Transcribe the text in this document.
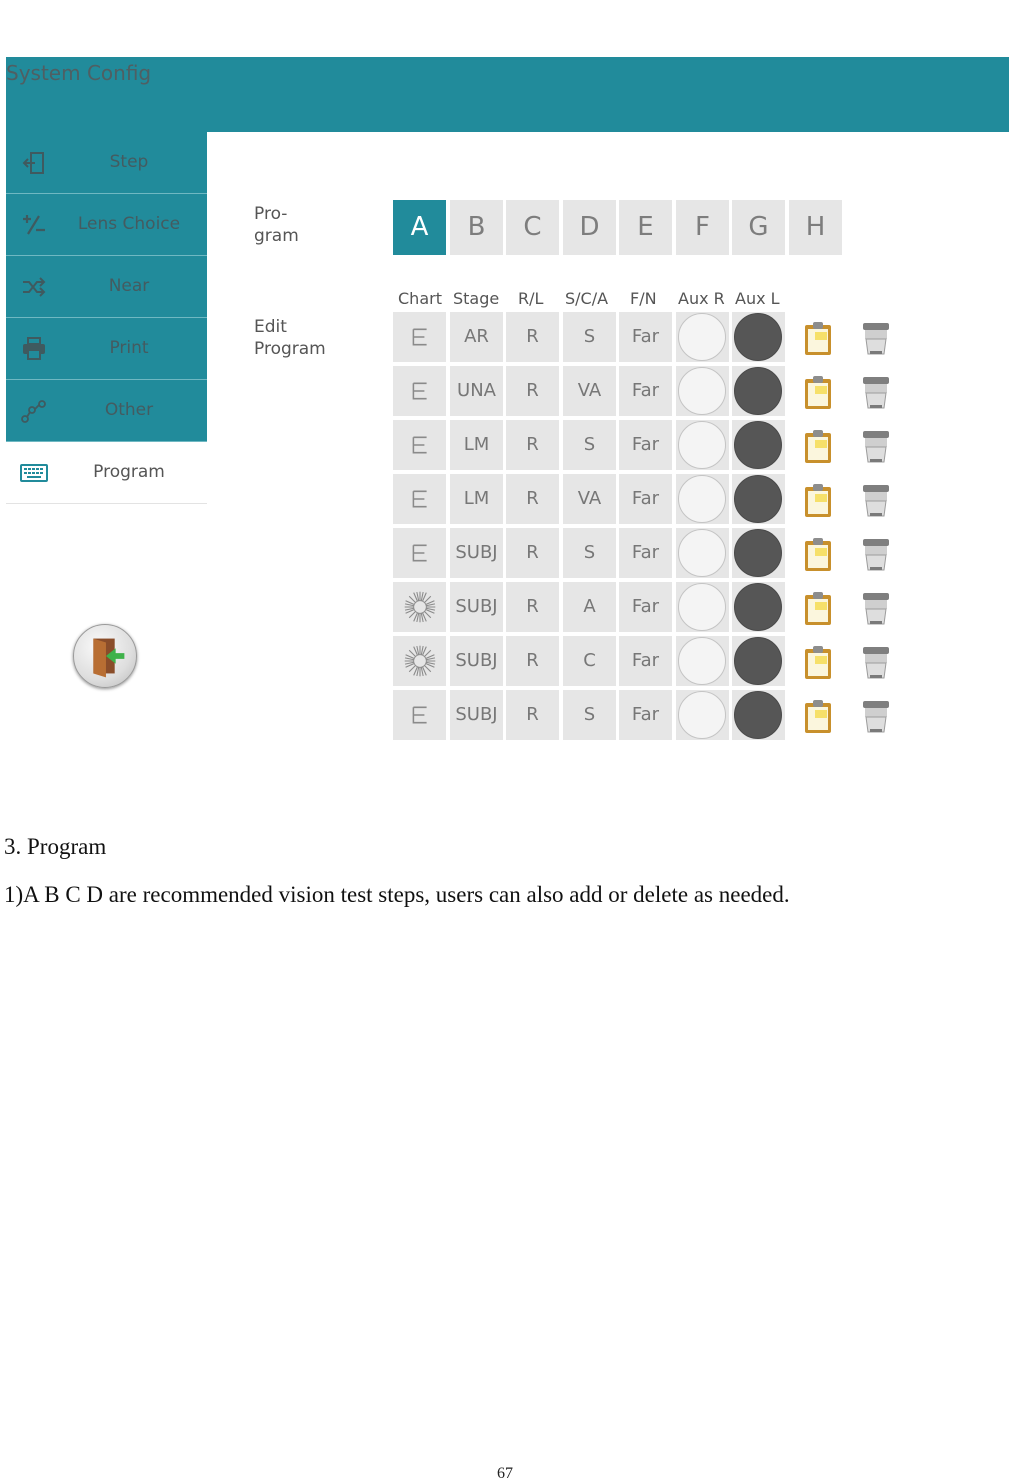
System Config
Step
Lens Choice
Near
Print
Other
Program
Pro-
gram
Edit
Program
A	B	C	D	E	F	G	H
Chart Stage R/L S/C/A F/N Aux R Aux L
AR	R	S	Far
UNA	R	VA	Far
LM	R	S	Far
LM	R	VA	Far
SUBJ	R	S	Far
SUBJ	R	A	Far
SUBJ	R	C	Far
SUBJ	R	S	Far
3. Program
1)A B C D are recommended vision test steps, users can also add or delete as needed.
67
